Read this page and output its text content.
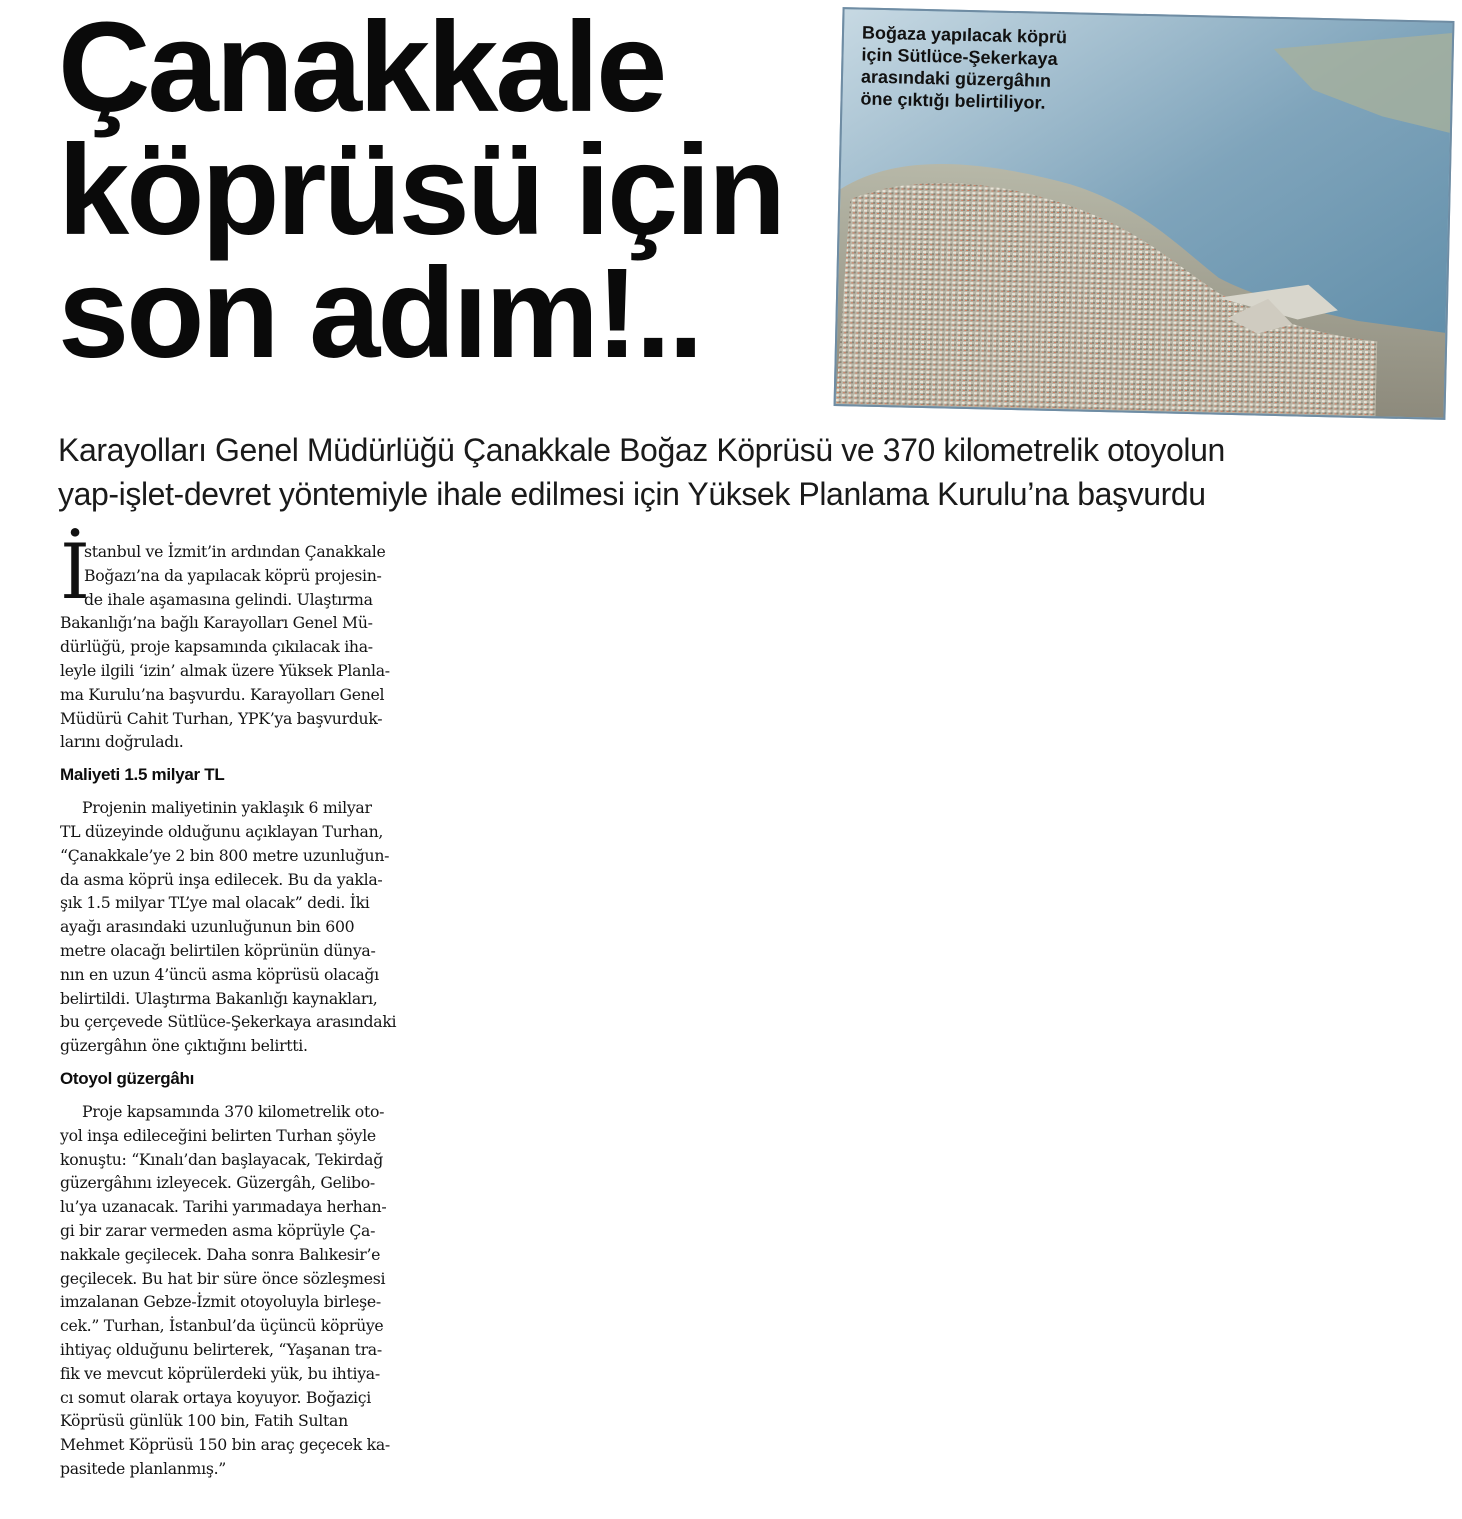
Çanakkale
köprüsü için
son adım!..
Boğaza yapılacak köprü
için Sütlüce-Şekerkaya
arasındaki güzergâhın
öne çıktığı belirtiliyor.
Karayolları Genel Müdürlüğü Çanakkale Boğaz Köprüsü ve 370 kilometrelik otoyolun
yap-işlet-devret yöntemiyle ihale edilmesi için Yüksek Planlama Kurulu’na başvurdu
İ
stanbul ve İzmit’in ardından Çanakkale
Boğazı’na da yapılacak köprü projesin-
de ihale aşamasına gelindi. Ulaştırma
Bakanlığı’na bağlı Karayolları Genel Mü-
dürlüğü, proje kapsamında çıkılacak iha-
leyle ilgili ‘izin’ almak üzere Yüksek Planla-
ma Kurulu’na başvurdu. Karayolları Genel
Müdürü Cahit Turhan, YPK’ya başvurduk-
larını doğruladı.
Maliyeti 1.5 milyar TL
Projenin maliyetinin yaklaşık 6 milyar
TL düzeyinde olduğunu açıklayan Turhan,
“Çanakkale’ye 2 bin 800 metre uzunluğun-
da asma köprü inşa edilecek. Bu da yakla-
şık 1.5 milyar TL’ye mal olacak” dedi. İki
ayağı arasındaki uzunluğunun bin 600
metre olacağı belirtilen köprünün dünya-
nın en uzun 4’üncü asma köprüsü olacağı
belirtildi. Ulaştırma Bakanlığı kaynakları,
bu çerçevede Sütlüce-Şekerkaya arasındaki
güzergâhın öne çıktığını belirtti.
Otoyol güzergâhı
Proje kapsamında 370 kilometrelik oto-
yol inşa edileceğini belirten Turhan şöyle
konuştu: “Kınalı’dan başlayacak, Tekirdağ
güzergâhını izleyecek. Güzergâh, Gelibo-
lu’ya uzanacak. Tarihi yarımadaya herhan-
gi bir zarar vermeden asma köprüyle Ça-
nakkale geçilecek. Daha sonra Balıkesir’e
geçilecek. Bu hat bir süre önce sözleşmesi
imzalanan Gebze-İzmit otoyoluyla birleşe-
cek.” Turhan, İstanbul’da üçüncü köprüye
ihtiyaç olduğunu belirterek, “Yaşanan tra-
fik ve mevcut köprülerdeki yük, bu ihtiya-
cı somut olarak ortaya koyuyor. Boğaziçi
Köprüsü günlük 100 bin, Fatih Sultan
Mehmet Köprüsü 150 bin araç geçecek ka-
pasitede planlanmış.”
